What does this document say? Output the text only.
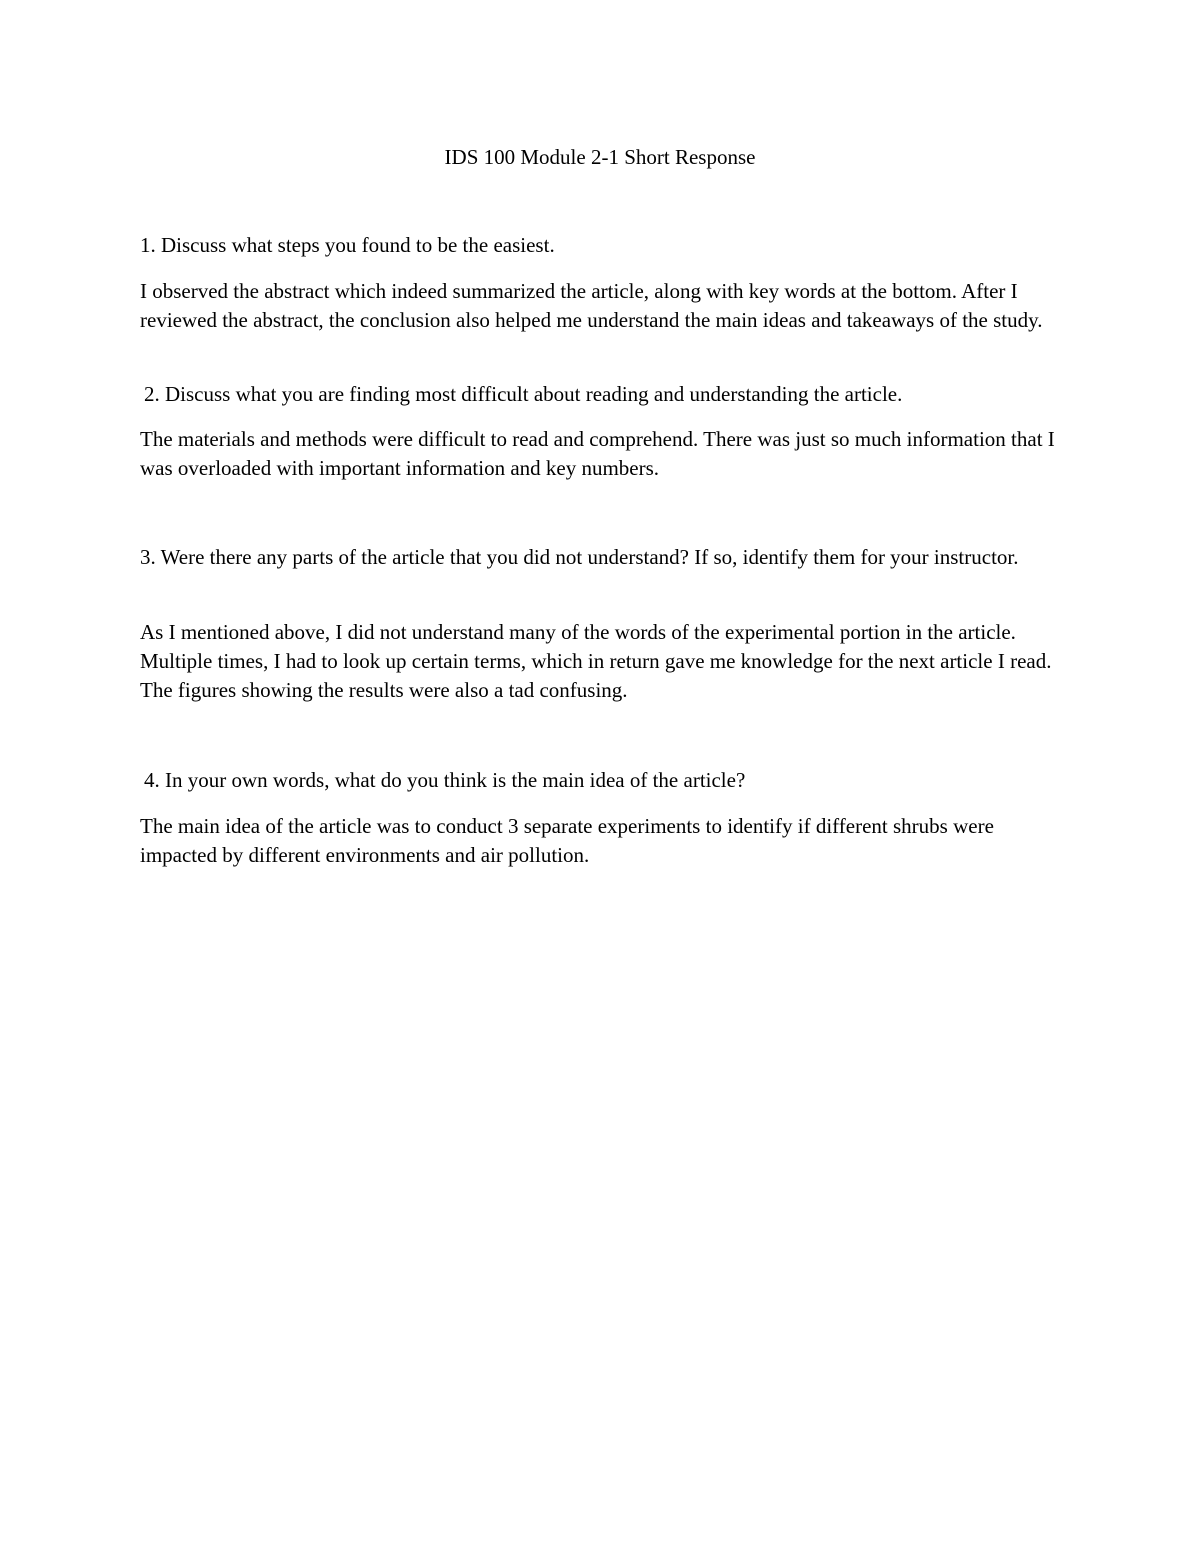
IDS 100 Module 2-1 Short Response

1. Discuss what steps you found to be the easiest.

I observed the abstract which indeed summarized the article, along with key words at the bottom. After I reviewed the abstract, the conclusion also helped me understand the main ideas and takeaways of the study.

2. Discuss what you are finding most difficult about reading and understanding the article.

The materials and methods were difficult to read and comprehend. There was just so much information that I was overloaded with important information and key numbers.

3. Were there any parts of the article that you did not understand? If so, identify them for your instructor.

As I mentioned above, I did not understand many of the words of the experimental portion in the article. Multiple times, I had to look up certain terms, which in return gave me knowledge for the next article I read. The figures showing the results were also a tad confusing.

4. In your own words, what do you think is the main idea of the article?

The main idea of the article was to conduct 3 separate experiments to identify if different shrubs were impacted by different environments and air pollution.
